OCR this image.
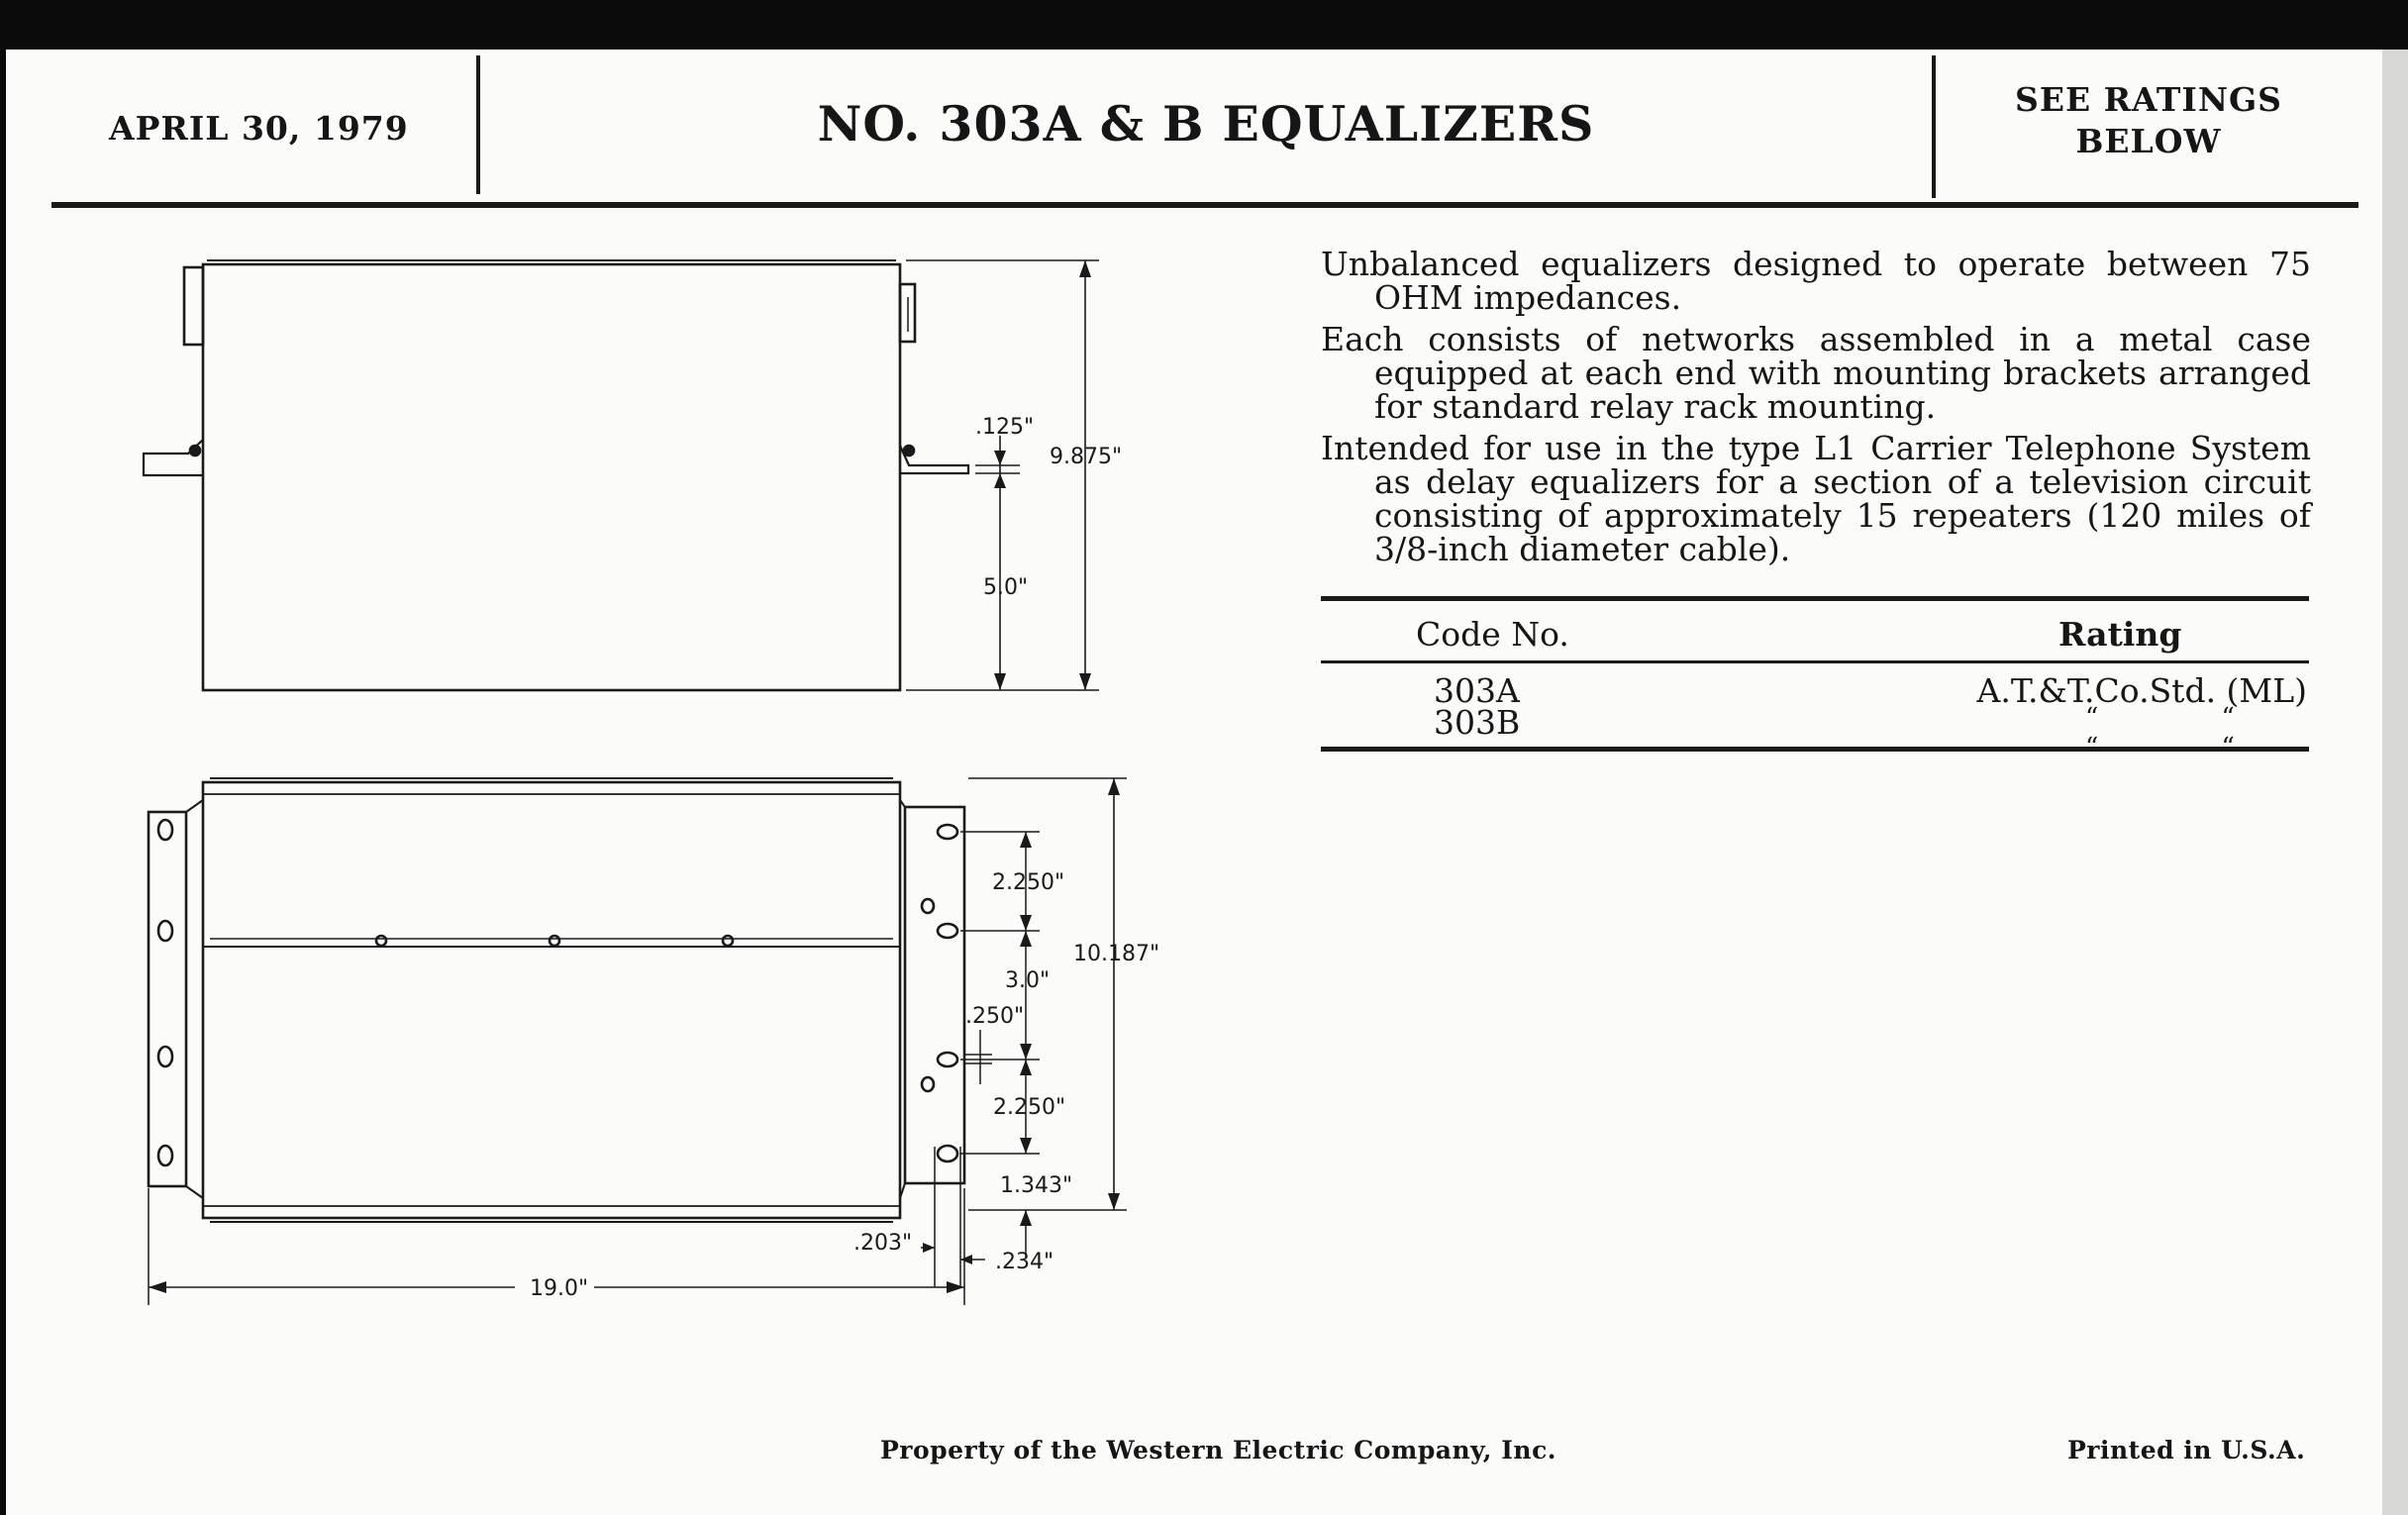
APRIL 30, 1979	NO. 303A & B EQUALIZERS	SEE RATINGS
BELOW
.125"
9.875"
5.0"
2.250"
10.187"
3.0"
.250"
2.250"
1.343"
.203"
.234"
19.0"

Unbalanced equalizers designed to operate between 75 OHM impedances.

Each consists of networks assembled in a metal case equipped at each end with mounting brackets arranged for standard relay rack mounting.

Intended for use in the type L1 Carrier Telephone System as delay equalizers for a section of a television circuit consisting of approximately 15 repeaters (120 miles of 3/8-inch diameter cable).

Code No.	Rating
303A	A.T.&T.Co.Std. (ML)
303B	“ “ “ “
Property of the Western Electric Company, Inc.	Printed in U.S.A.
